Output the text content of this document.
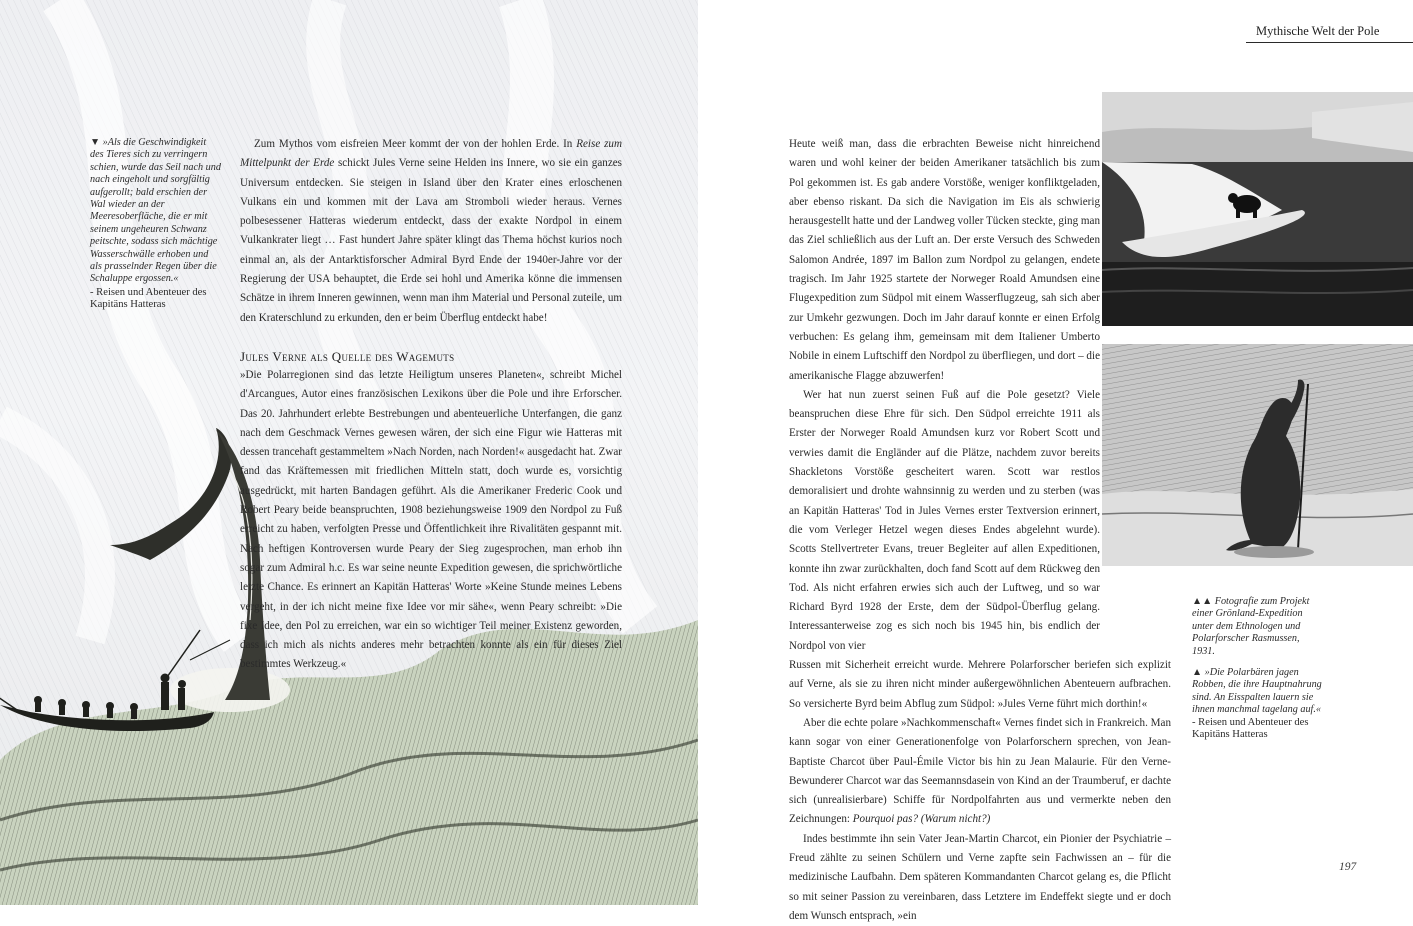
▼ »Als die Geschwindigkeit des Tieres sich zu verringern schien, wurde das Seil nach und nach eingeholt und sorgfältig aufgerollt; bald erschien der Wal wieder an der Meeresoberfläche, die er mit seinem ungeheuren Schwanz peitschte, sodass sich mächtige Wasserschwälle erhoben und als prasselnder Regen über die Schaluppe ergossen.«
- Reisen und Abenteuer des Kapitäns Hatteras

Zum Mythos vom eisfreien Meer kommt der von der hohlen Erde. In Reise zum Mittelpunkt der Erde schickt Jules Verne seine Helden ins Innere, wo sie ein ganzes Universum entdecken. Sie steigen in Island über den Krater eines erloschenen Vulkans ein und kommen mit der Lava am Stromboli wieder heraus. Vernes polbesessener Hatteras wiederum entdeckt, dass der exakte Nordpol in einem Vulkankrater liegt … Fast hundert Jahre später klingt das Thema höchst kurios noch einmal an, als der Antarktisforscher Admiral Byrd Ende der 1940er-Jahre vor der Regierung der USA behauptet, die Erde sei hohl und Amerika könne die immensen Schätze in ihrem Inneren gewinnen, wenn man ihm Material und Personal zuteile, um den Kraterschlund zu erkunden, den er beim Überflug entdeckt habe!

Jules Verne als Quelle des Wagemuts

»Die Polarregionen sind das letzte Heiligtum unseres Planeten«, schreibt Michel d'Arcangues, Autor eines französischen Lexikons über die Pole und ihre Erforscher. Das 20. Jahrhundert erlebte Bestrebungen und abenteuerliche Unterfangen, die ganz nach dem Geschmack Vernes gewesen wären, der sich eine Figur wie Hatteras mit dessen trancehaft gestammeltem »Nach Norden, nach Norden!« ausgedacht hat. Zwar fand das Kräftemessen mit friedlichen Mitteln statt, doch wurde es, vorsichtig ausgedrückt, mit harten Bandagen geführt. Als die Amerikaner Frederic Cook und Robert Peary beide beanspruchten, 1908 beziehungsweise 1909 den Nordpol zu Fuß erreicht zu haben, verfolgten Presse und Öffentlichkeit ihre Rivalitäten gespannt mit. Nach heftigen Kontroversen wurde Peary der Sieg zugesprochen, man erhob ihn sogar zum Admiral h.c. Es war seine neunte Expedition gewesen, die sprichwörtliche letzte Chance. Es erinnert an Kapitän Hatteras' Worte »Keine Stunde meines Lebens vergeht, in der ich nicht meine fixe Idee vor mir sähe«, wenn Peary schreibt: »Die fixe Idee, den Pol zu erreichen, war ein so wichtiger Teil meiner Existenz geworden, dass ich mich als nichts anderes mehr betrachten konnte als ein für dieses Ziel bestimmtes Werkzeug.«

Mythische Welt der Pole

Heute weiß man, dass die erbrachten Beweise nicht hinreichend waren und wohl keiner der beiden Amerikaner tatsächlich bis zum Pol gekommen ist. Es gab andere Vorstöße, weniger konfliktgeladen, aber ebenso riskant. Da sich die Navigation im Eis als schwierig herausgestellt hatte und der Landweg voller Tücken steckte, ging man das Ziel schließlich aus der Luft an. Der erste Versuch des Schweden Salomon Andrée, 1897 im Ballon zum Nordpol zu gelangen, endete tragisch. Im Jahr 1925 startete der Norweger Roald Amundsen eine Flugexpedition zum Südpol mit einem Wasserflugzeug, sah sich aber zur Umkehr gezwungen. Doch im Jahr darauf konnte er einen Erfolg verbuchen: Es gelang ihm, gemeinsam mit dem Italiener Umberto Nobile in einem Luftschiff den Nordpol zu überfliegen, und dort – die amerikanische Flagge abzuwerfen!

Wer hat nun zuerst seinen Fuß auf die Pole gesetzt? Viele beanspruchen diese Ehre für sich. Den Südpol erreichte 1911 als Erster der Norweger Roald Amundsen kurz vor Robert Scott und verwies damit die Engländer auf die Plätze, nachdem zuvor bereits Shackletons Vorstöße gescheitert waren. Scott war restlos demoralisiert und drohte wahnsinnig zu werden und zu sterben (was an Kapitän Hatteras' Tod in Jules Vernes erster Textversion erinnert, die vom Verleger Hetzel wegen dieses Endes abgelehnt wurde). Scotts Stellvertreter Evans, treuer Begleiter auf allen Expeditionen, konnte ihn zwar zurückhalten, doch fand Scott auf dem Rückweg den Tod. Als nicht erfahren erwies sich auch der Luftweg, und so war Richard Byrd 1928 der Erste, dem der Südpol-Überflug gelang. Interessanterweise zog es sich noch bis 1945 hin, bis endlich der Nordpol von vier

Russen mit Sicherheit erreicht wurde. Mehrere Polarforscher beriefen sich explizit auf Verne, als sie zu ihren nicht minder außergewöhnlichen Abenteuern aufbrachen. So versicherte Byrd beim Abflug zum Südpol: »Jules Verne führt mich dorthin!«

Aber die echte polare »Nachkommenschaft« Vernes findet sich in Frankreich. Man kann sogar von einer Generationenfolge von Polarforschern sprechen, von Jean-Baptiste Charcot über Paul-Émile Victor bis hin zu Jean Malaurie. Für den Verne-Bewunderer Charcot war das Seemannsdasein von Kind an der Traumberuf, er dachte sich (unrealisierbare) Schiffe für Nordpolfahrten aus und vermerkte neben den Zeichnungen: Pourquoi pas? (Warum nicht?)

Indes bestimmte ihn sein Vater Jean-Martin Charcot, ein Pionier der Psychiatrie – Freud zählte zu seinen Schülern und Verne zapfte sein Fachwissen an – für die medizinische Laufbahn. Dem späteren Kommandanten Charcot gelang es, die Pflicht so mit seiner Passion zu vereinbaren, dass Letztere im Endeffekt siegte und er doch dem Wunsch entsprach, »ein

▲▲ Fotografie zum Projekt einer Grönland-Expedition unter dem Ethnologen und Polarforscher Rasmussen, 1931.
▲ »Die Polarbären jagen Robben, die ihre Hauptnahrung sind. An Eisspalten lauern sie ihnen manchmal tagelang auf.«
- Reisen und Abenteuer des Kapitäns Hatteras
197
